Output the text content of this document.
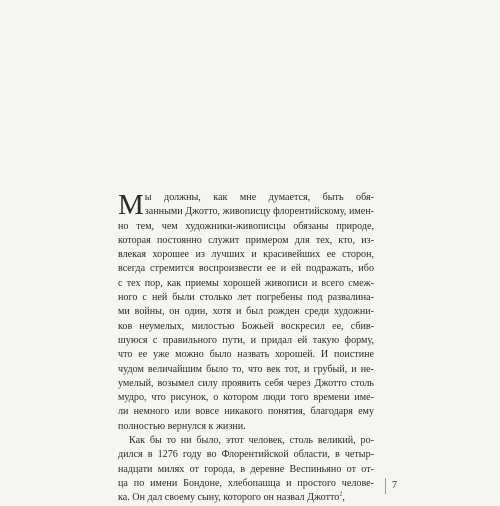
М ы должны, как мне думается, быть обя-
занными Джотто, живописцу флорентийскому, имен-
но тем, чем художники-живописцы обязаны природе,
которая постоянно служит примером для тех, кто, из-
влекая хорошее из лучших и красивейших ее сторон,
всегда стремится воспроизвести ее и ей подражать, ибо
с тех пор, как приемы хорошей живописи и всего смеж-
ного с ней были столько лет погребены под развалина-
ми войны, он один, хотя и был рожден среди художни-
ков неумелых, милостью Божьей воскресил ее, сбив-
шуюся с правильного пути, и придал ей такую форму,
что ее уже можно было назвать хорошей. И поистине
чудом величайшим было то, что век тот, и грубый, и не-
умелый, возымел силу проявить себя через Джотто столь
мудро, что рисунок, о котором люди того времени име-
ли немного или вовсе никакого понятия, благодаря ему
полностью вернулся к жизни.
Как бы то ни было, этот человек, столь великий, ро-
дился в 1276 году во Флорентийской области, в четыр-
надцати милях от города, в деревне Веспиньяно от от-
ца по имени Бондоне, хлебопашца и простого челове-
ка. Он дал своему сыну, которого он назвал Джотто$^2$,
7
